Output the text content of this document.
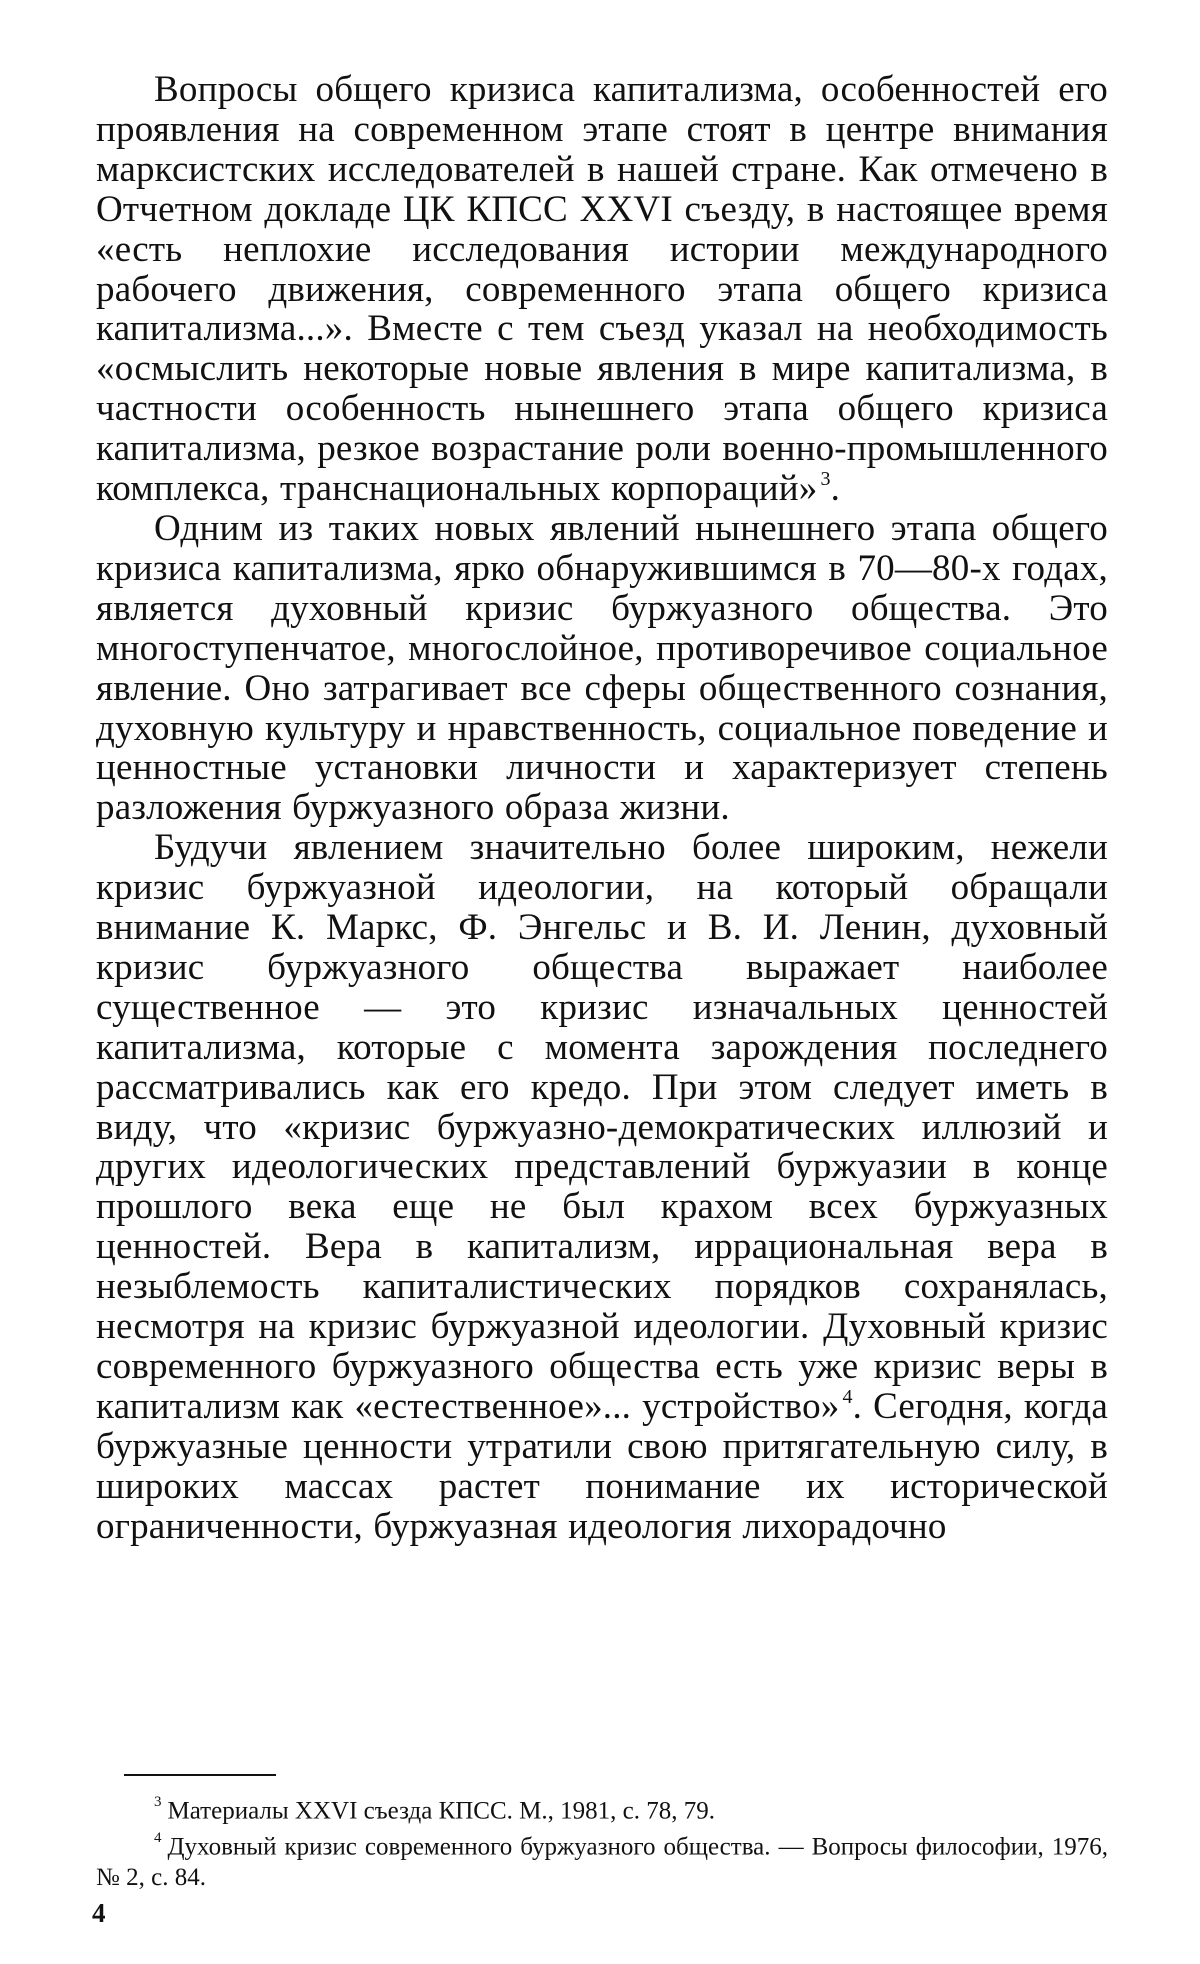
Вопросы общего кризиса капитализма, особенностей его проявления на современном этапе стоят в центре внимания марксистских исследователей в нашей стране. Как отмечено в Отчетном докладе ЦК КПСС XXVI съезду, в настоящее время «есть неплохие исследования истории международного рабочего движения, современного этапа общего кризиса капитализма...». Вместе с тем съезд указал на необходимость «осмыслить некоторые новые явления в мире капитализма, в частности особенность нынешнего этапа общего кризиса капитализма, резкое возрастание роли военно-промышленного комплекса, транснациональных корпораций» $^3$.

Одним из таких новых явлений нынешнего этапа общего кризиса капитализма, ярко обнаружившимся в 70—80-х годах, является духовный кризис буржуазного общества. Это многоступенчатое, многослойное, противоречивое социальное явление. Оно затрагивает все сферы общественного сознания, духовную культуру и нравственность, социальное поведение и ценностные установки личности и характеризует степень разложения буржуазного образа жизни.

Будучи явлением значительно более широким, нежели кризис буржуазной идеологии, на который обращали внимание К. Маркс, Ф. Энгельс и В. И. Ленин, духовный кризис буржуазного общества выражает наиболее существенное — это кризис изначальных ценностей капитализма, которые с момента зарождения последнего рассматривались как его кредо. При этом следует иметь в виду, что «кризис буржуазно-демократических иллюзий и других идеологических представлений буржуазии в конце прошлого века еще не был крахом всех буржуазных ценностей. Вера в капитализм, иррациональная вера в незыблемость капиталистических порядков сохранялась, несмотря на кризис буржуазной идеологии. Духовный кризис современного буржуазного общества есть уже кризис веры в капитализм как «естественное»... устройство» $^4$. Сегодня, когда буржуазные ценности утратили свою притягательную силу, в широких массах растет понимание их исторической ограниченности, буржуазная идеология лихорадочно

$^3$ Материалы XXVI съезда КПСС. М., 1981, с. 78, 79.

$^4$ Духовный кризис современного буржуазного общества. — Вопросы философии, 1976, № 2, с. 84.

4
